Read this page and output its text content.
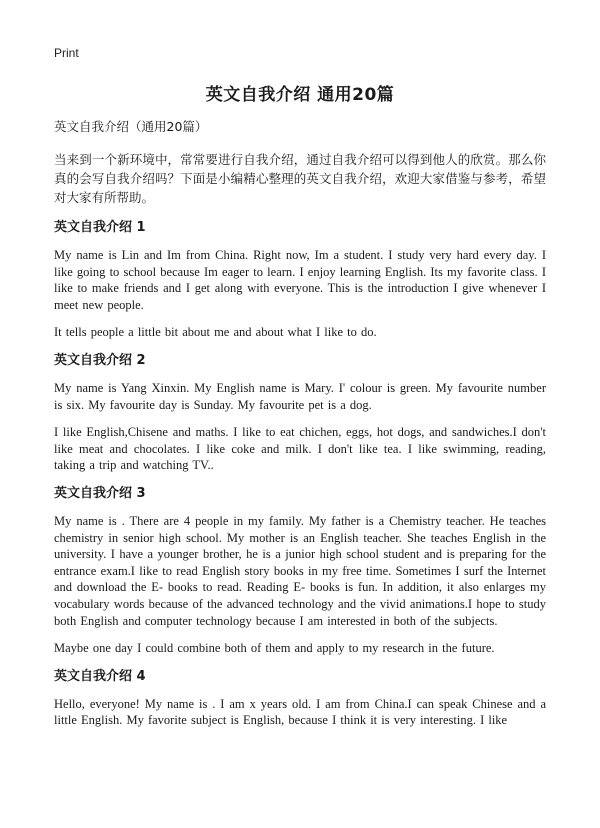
Print
英文自我介绍 通用20篇
英文自我介绍（通用20篇）
当来到一个新环境中，常常要进行自我介绍，通过自我介绍可以得到他人的欣赏。那么你真的会写自我介绍吗？下面是小编精心整理的英文自我介绍，欢迎大家借鉴与参考，希望对大家有所帮助。
英文自我介绍 1

My name is Lin and Im from China. Right now, Im a student. I study very hard every day. I like going to school because Im eager to learn. I enjoy learning English. Its my favorite class. I like to make friends and I get along with everyone. This is the introduction I give whenever I meet new people.

It tells people a little bit about me and about what I like to do.

英文自我介绍 2

My name is Yang Xinxin. My English name is Mary. I' colour is green. My favourite number is six. My favourite day is Sunday. My favourite pet is a dog.

I like English,Chisene and maths. I like to eat chichen, eggs, hot dogs, and sandwiches.I don't like meat and chocolates. I like coke and milk. I don't like tea. I like swimming, reading, taking a trip and watching TV..

英文自我介绍 3

My name is . There are 4 people in my family. My father is a Chemistry teacher. He teaches chemistry in senior high school. My mother is an English teacher. She teaches English in the university. I have a younger brother, he is a junior high school student and is preparing for the entrance exam.I like to read English story books in my free time. Sometimes I surf the Internet and download the E- books to read. Reading E- books is fun. In addition, it also enlarges my vocabulary words because of the advanced technology and the vivid animations.I hope to study both English and computer technology because I am interested in both of the subjects.

Maybe one day I could combine both of them and apply to my research in the future.

英文自我介绍 4

Hello, everyone! My name is . I am x years old. I am from China.I can speak Chinese and a little English. My favorite subject is English, because I think it is very interesting. I like
